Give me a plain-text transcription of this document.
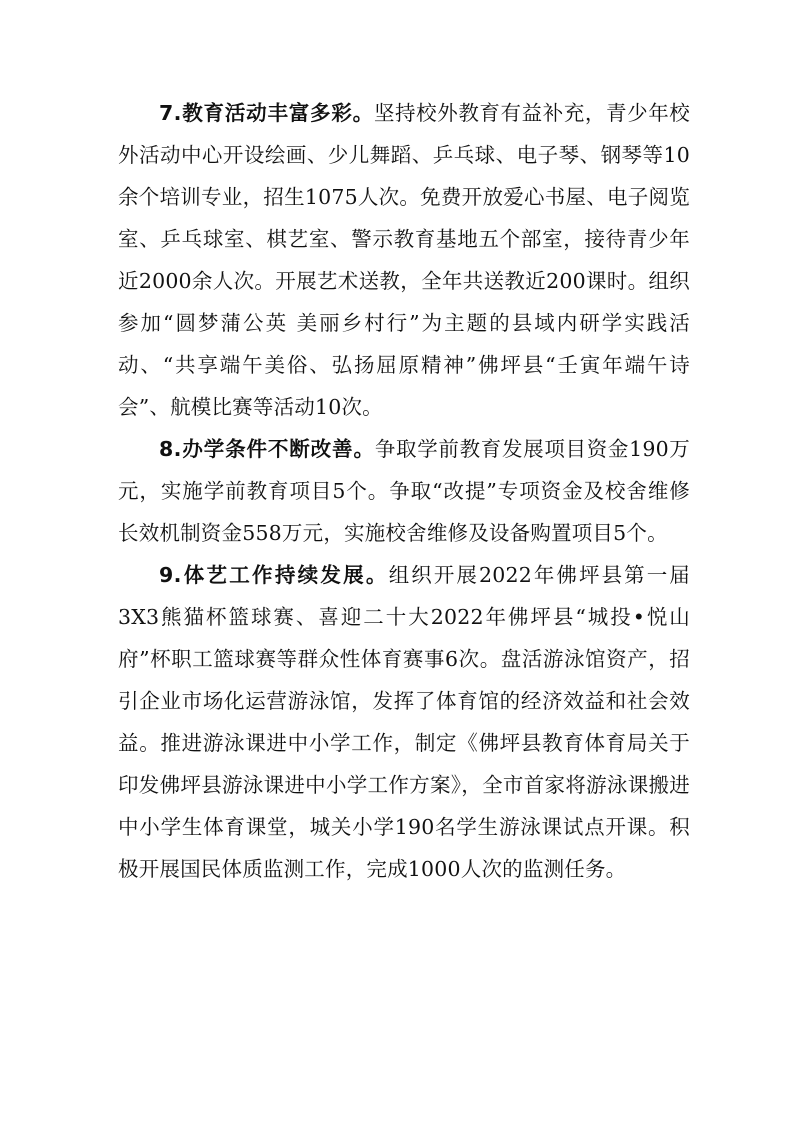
7.教育活动丰富多彩。坚持校外教育有益补充，青少年校外活动中心开设绘画、少儿舞蹈、乒乓球、电子琴、钢琴等10余个培训专业，招生1075人次。免费开放爱心书屋、电子阅览室、乒乓球室、棋艺室、警示教育基地五个部室，接待青少年近2000余人次。开展艺术送教，全年共送教近200课时。组织参加“圆梦蒲公英 美丽乡村行”为主题的县域内研学实践活动、“共享端午美俗、弘扬屈原精神”佛坪县“壬寅年端午诗会”、航模比赛等活动10次。

8.办学条件不断改善。争取学前教育发展项目资金190万元，实施学前教育项目5个。争取“改提”专项资金及校舍维修长效机制资金558万元，实施校舍维修及设备购置项目5个。

9.体艺工作持续发展。组织开展2022年佛坪县第一届3X3熊猫杯篮球赛、喜迎二十大2022年佛坪县“城投•悦山府”杯职工篮球赛等群众性体育赛事6次。盘活游泳馆资产，招引企业市场化运营游泳馆，发挥了体育馆的经济效益和社会效益。推进游泳课进中小学工作，制定《佛坪县教育体育局关于印发佛坪县游泳课进中小学工作方案》，全市首家将游泳课搬进中小学生体育课堂，城关小学190名学生游泳课试点开课。积极开展国民体质监测工作，完成1000人次的监测任务。
